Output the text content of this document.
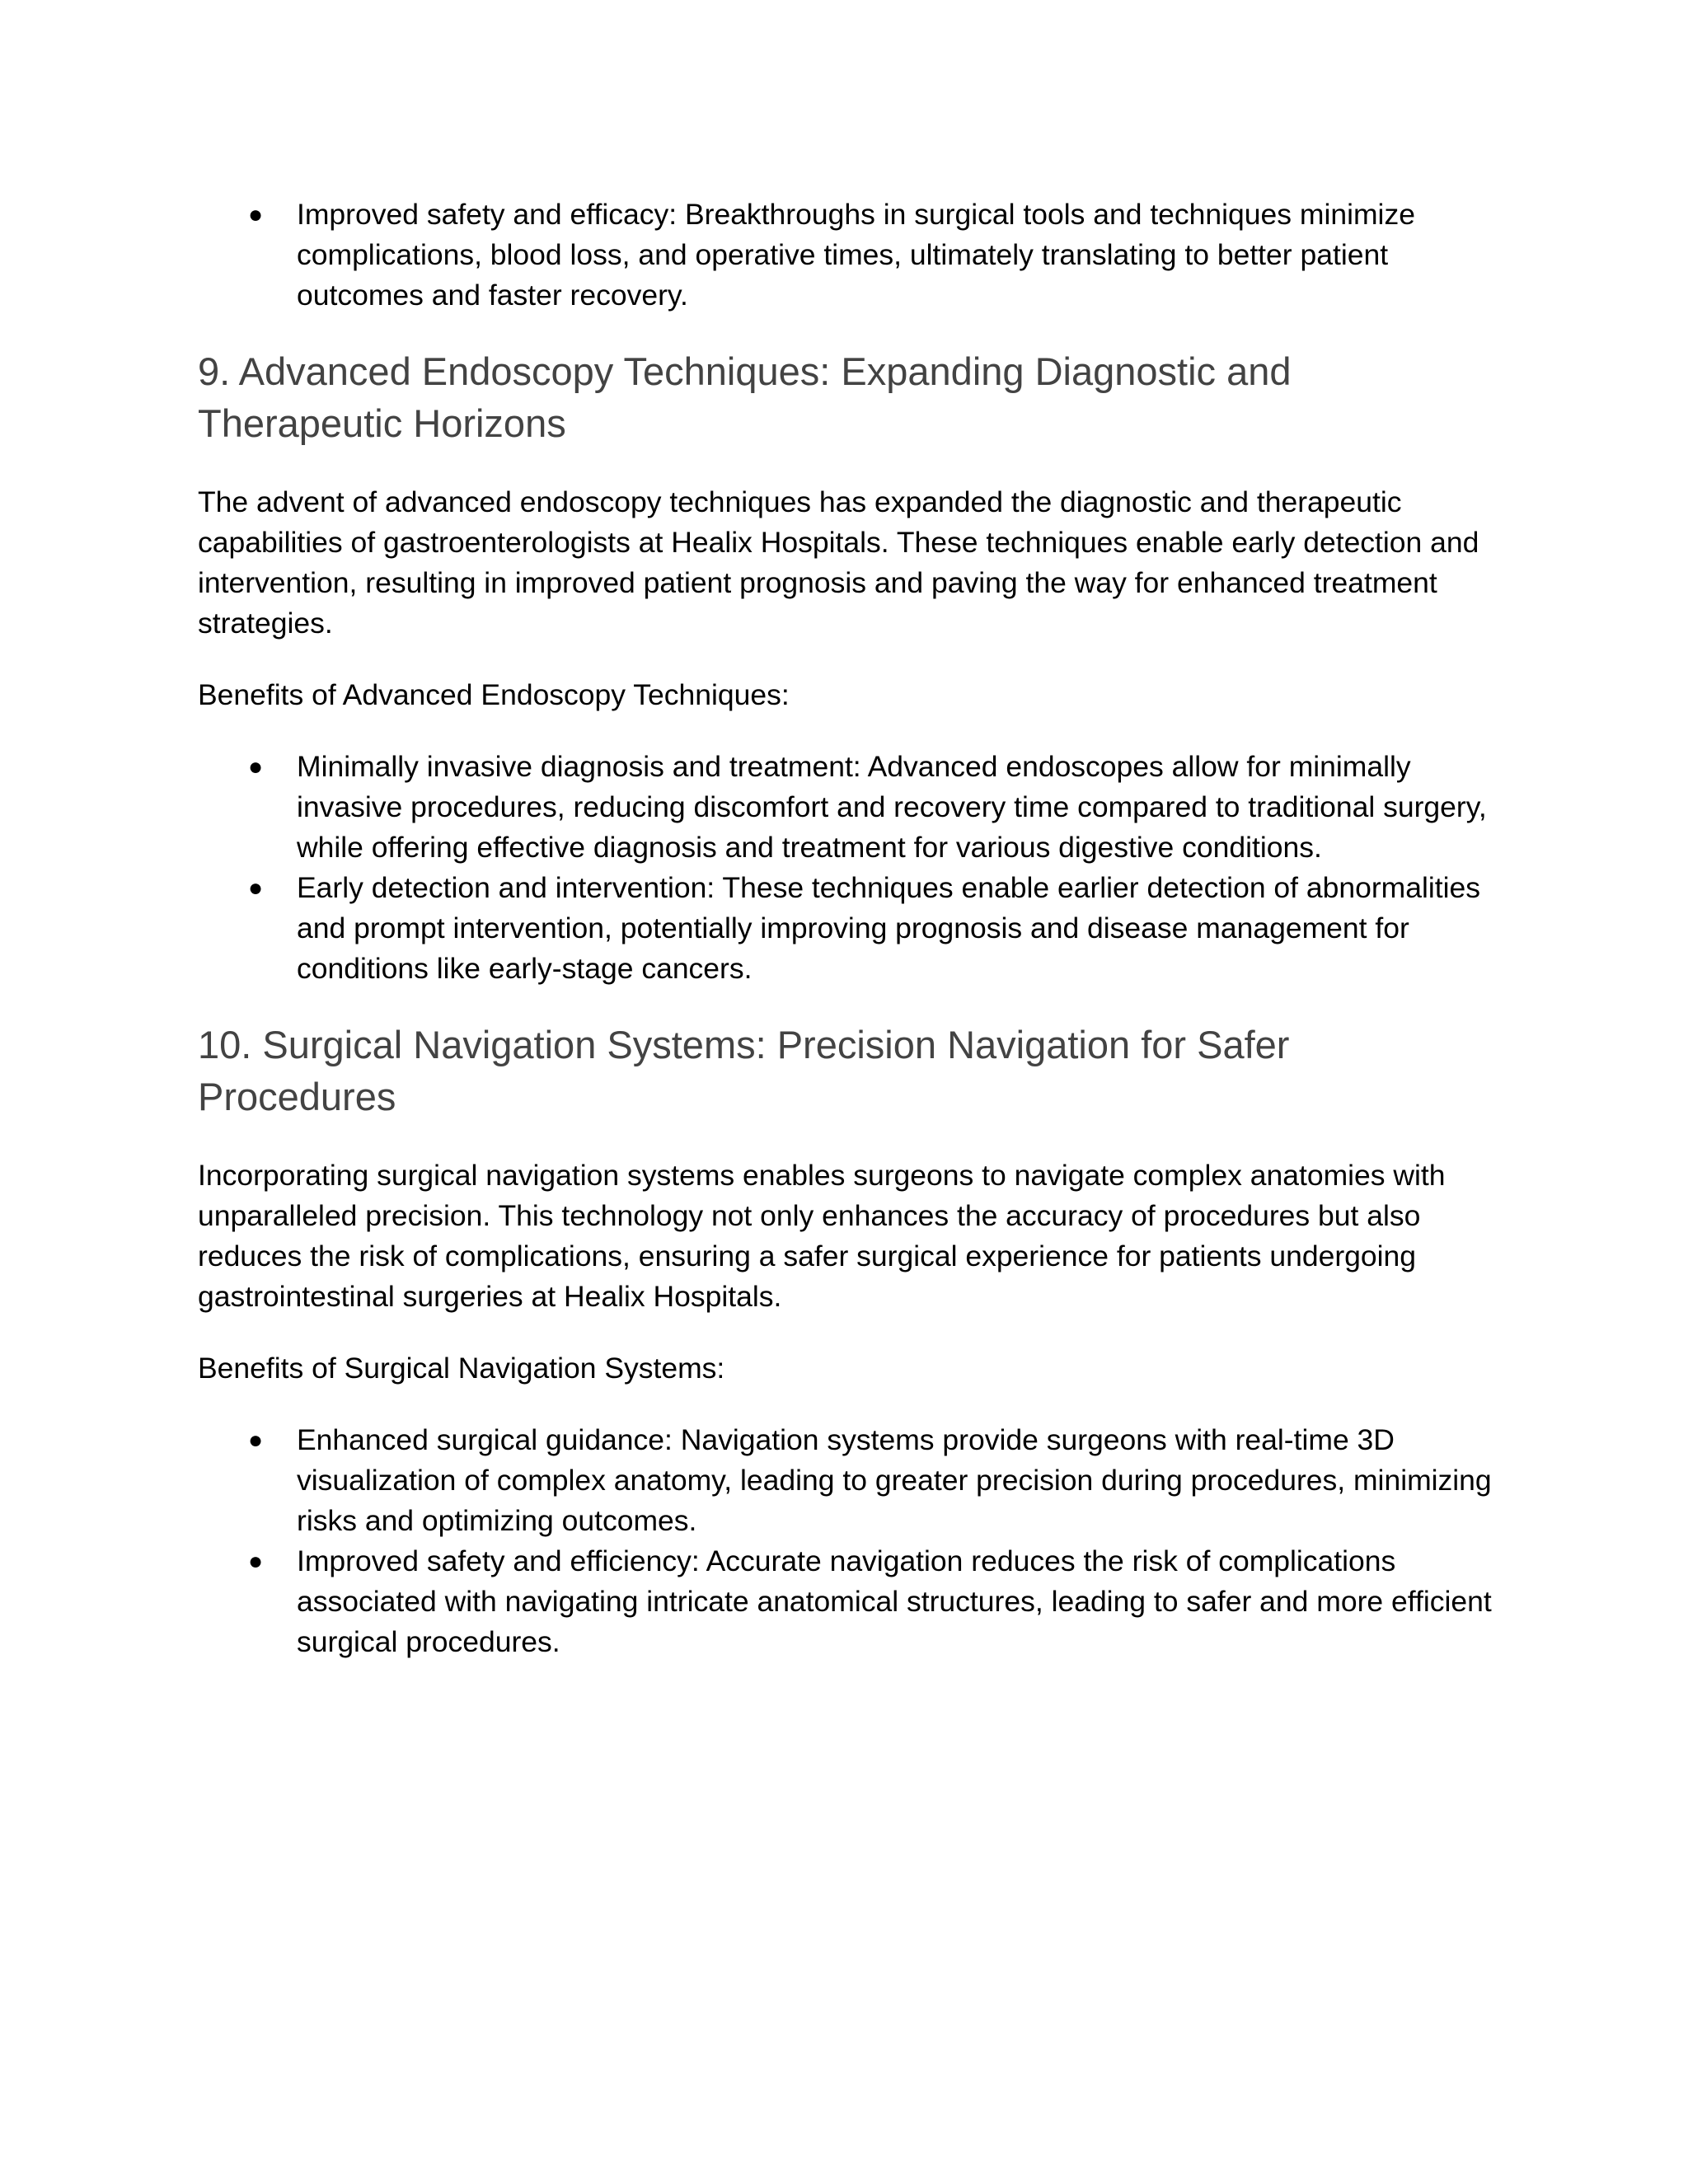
● Improved safety and efficacy: Breakthroughs in surgical tools and techniques minimize complications, blood loss, and operative times, ultimately translating to better patient outcomes and faster recovery.
9. Advanced Endoscopy Techniques: Expanding Diagnostic and Therapeutic Horizons

The advent of advanced endoscopy techniques has expanded the diagnostic and therapeutic capabilities of gastroenterologists at Healix Hospitals. These techniques enable early detection and intervention, resulting in improved patient prognosis and paving the way for enhanced treatment strategies.

Benefits of Advanced Endoscopy Techniques:

● Minimally invasive diagnosis and treatment: Advanced endoscopes allow for minimally invasive procedures, reducing discomfort and recovery time compared to traditional surgery, while offering effective diagnosis and treatment for various digestive conditions.
● Early detection and intervention: These techniques enable earlier detection of abnormalities and prompt intervention, potentially improving prognosis and disease management for conditions like early-stage cancers.
10. Surgical Navigation Systems: Precision Navigation for Safer Procedures

Incorporating surgical navigation systems enables surgeons to navigate complex anatomies with unparalleled precision. This technology not only enhances the accuracy of procedures but also reduces the risk of complications, ensuring a safer surgical experience for patients undergoing gastrointestinal surgeries at Healix Hospitals.

Benefits of Surgical Navigation Systems:

● Enhanced surgical guidance: Navigation systems provide surgeons with real-time 3D visualization of complex anatomy, leading to greater precision during procedures, minimizing risks and optimizing outcomes.
● Improved safety and efficiency: Accurate navigation reduces the risk of complications associated with navigating intricate anatomical structures, leading to safer and more efficient surgical procedures.
